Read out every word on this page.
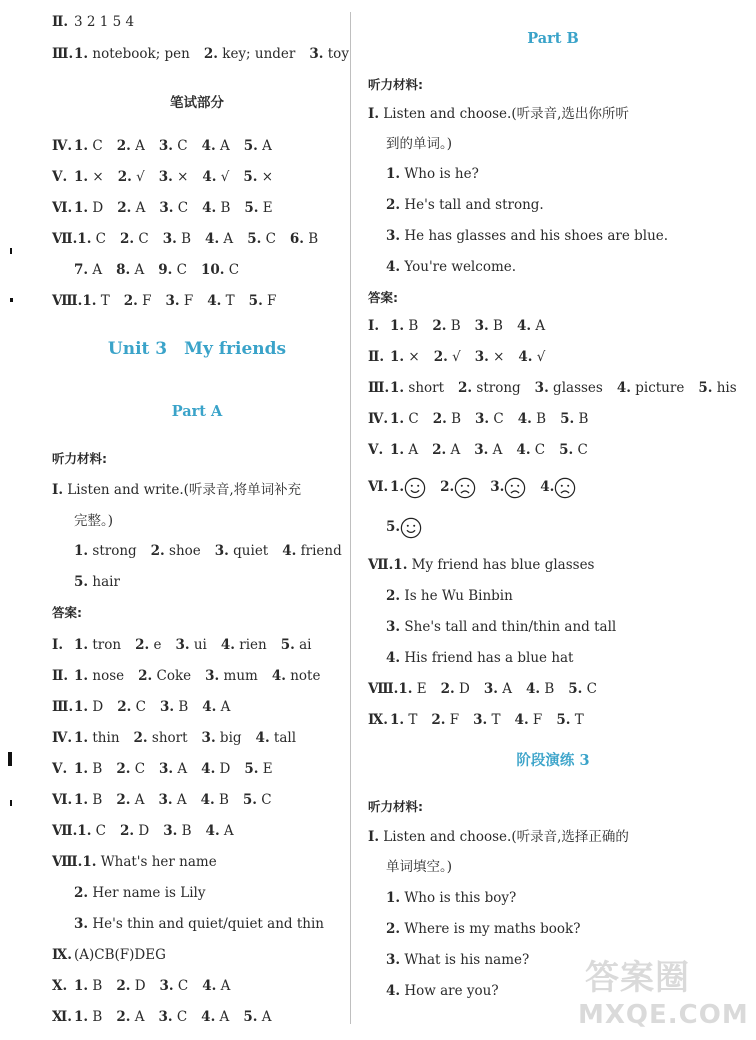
Ⅱ. 3 2 1 5 4
Ⅲ.1. notebook; pen 2. key; under 3. toy
笔试部分
Ⅳ. 1. C 2. A 3. C 4. A 5. A
Ⅴ. 1. × 2. √ 3. × 4. √ 5. ×
Ⅵ. 1. D 2. A 3. C 4. B 5. E
Ⅶ.1. C 2. C 3. B 4. A 5. C 6. B
7. A 8. A 9. C 10. C
Ⅷ.1. T 2. F 3. F 4. T 5. F
Unit 3　My friends
Part A
听力材料:
Ⅰ. Listen and write.(听录音,将单词补充
完整。)
1. strong 2. shoe 3. quiet 4. friend
5. hair
答案:
Ⅰ. 1. tron 2. e 3. ui 4. rien 5. ai
Ⅱ. 1. nose 2. Coke 3. mum 4. note
Ⅲ.1. D 2. C 3. B 4. A
Ⅳ. 1. thin 2. short 3. big 4. tall
Ⅴ. 1. B 2. C 3. A 4. D 5. E
Ⅵ. 1. B 2. A 3. A 4. B 5. C
Ⅶ.1. C 2. D 3. B 4. A
Ⅷ.1. What's her name
2. Her name is Lily
3. He's thin and quiet/quiet and thin
Ⅸ. (A)CB(F)DEG
Ⅹ. 1. B 2. D 3. C 4. A
Ⅺ. 1. B 2. A 3. C 4. A 5. A
Part B
听力材料:
Ⅰ. Listen and choose.(听录音,选出你所听
到的单词。)
1. Who is he?
2. He's tall and strong.
3. He has glasses and his shoes are blue.
4. You're welcome.
答案:
Ⅰ. 1. B 2. B 3. B 4. A
Ⅱ. 1. × 2. √ 3. × 4. √
Ⅲ.1. short 2. strong 3. glasses 4. picture 5. his
Ⅳ. 1. C 2. B 3. C 4. B 5. B
Ⅴ. 1. A 2. A 3. A 4. C 5. C
Ⅵ. 1.	2.	3.	4.
5.
Ⅶ.1. My friend has blue glasses
2. Is he Wu Binbin
3. She's tall and thin/thin and tall
4. His friend has a blue hat
Ⅷ.1. E 2. D 3. A 4. B 5. C
Ⅸ. 1. T 2. F 3. T 4. F 5. T
阶段演练 3
听力材料:
Ⅰ. Listen and choose.(听录音,选择正确的
单词填空。)
1. Who is this boy?
2. Where is my maths book?
3. What is his name?
4. How are you?	答案圈
MXQE.COM
